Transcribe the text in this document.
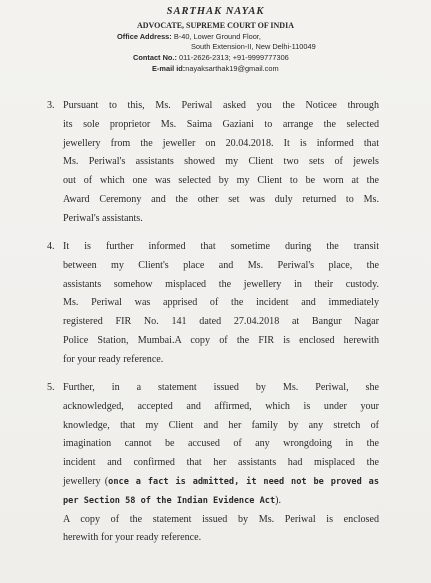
SARTHAK NAYAK
ADVOCATE, SUPREME COURT OF INDIA
Office Address: B-40, Lower Ground Floor,
South Extension-II, New Delhi-110049
Contact No.: 011-2626-2313; +91-9999777306
E-mail id:nayaksarthak19@gmail.com
3. Pursuant to this, Ms. Periwal asked you the Noticee through
its sole proprietor Ms. Saima Gaziani to arrange the selected
jewellery from the jeweller on 20.04.2018. It is informed that
Ms. Periwal's assistants showed my Client two sets of jewels
out of which one was selected by my Client to be worn at the
Award Ceremony and the other set was duly returned to Ms.
Periwal's assistants.
4. It is further informed that sometime during the transit
between my Client's place and Ms. Periwal's place, the
assistants somehow misplaced the jewellery in their custody.
Ms. Periwal was apprised of the incident and immediately
registered FIR No. 141 dated 27.04.2018 at Bangur Nagar
Police Station, Mumbai.A copy of the FIR is enclosed herewith
for your ready reference.
5. Further, in a statement issued by Ms. Periwal, she
acknowledged, accepted and affirmed, which is under your
knowledge, that my Client and her family by any stretch of
imagination cannot be accused of any wrongdoing in the
incident and confirmed that her assistants had misplaced the
jewellery (once a fact is admitted, it need not be proved as
per Section 58 of the Indian Evidence Act).
A copy of the statement issued by Ms. Periwal is enclosed
herewith for your ready reference.
